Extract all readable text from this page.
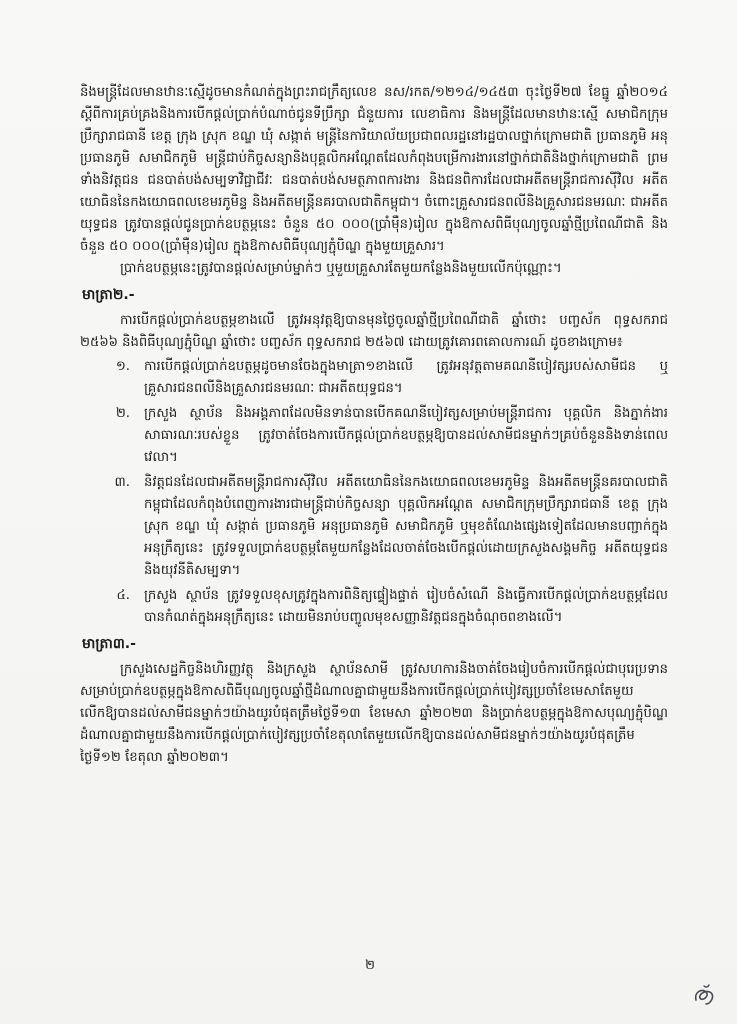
និងមន្ត្រីដែលមានឋានៈស្មើដូចមានកំណត់ក្នុងព្រះរាជក្រឹត្យលេខ នស/រកត/១២១៤/១៤៥៣ ចុះថ្ងៃទី២៧ ខែធ្នូ ឆ្នាំ២០១៤ ស្តីពីការគ្រប់គ្រងនិងការបើកផ្តល់ប្រាក់បំណាច់ជូនទីប្រឹក្សា ជំនួយការ លេខាធិការ និងមន្ត្រីដែលមានឋានៈស្មើ សមាជិកក្រុមប្រឹក្សារាជធានី ខេត្ត ក្រុង ស្រុក ខណ្ឌ ឃុំ សង្កាត់ មន្ត្រីនៃការិយាល័យប្រជាពលរដ្ឋនៅរដ្ឋបាលថ្នាក់ក្រោមជាតិ ប្រធានភូមិ អនុប្រធានភូមិ សមាជិកភូមិ មន្ត្រីជាប់កិច្ចសន្យានិងបុគ្គលិកអណ្តែតដែលកំពុងបម្រើការងារនៅថ្នាក់ជាតិនិងថ្នាក់ក្រោមជាតិ ព្រមទាំងនិវត្តជន ជនបាត់បង់សម្បទាវិជ្ជាជីវៈ ជនបាត់បង់សមត្ថភាពការងារ និងជនពិការដែលជាអតីតមន្ត្រីរាជការស៊ីវិល អតីតយោធិននៃកងយោធពលខេមរភូមិន្ទ និងអតីតមន្ត្រីនគរបាលជាតិកម្ពុជា។ ចំពោះគ្រួសារជនពលីនិងគ្រួសារជនមរណៈ ជាអតីតយុទ្ធជន ត្រូវបានផ្តល់ជូនប្រាក់ឧបត្ថម្ភនេះ ចំនួន ៥០ ០០០(ប្រាំម៉ឺន)រៀល ក្នុងឱកាសពិធីបុណ្យចូលឆ្នាំថ្មីប្រពៃណីជាតិ និងចំនួន ៥០ ០០០(ប្រាំម៉ឺន)រៀល ក្នុងឱកាសពិធីបុណ្យភ្ជុំបិណ្ឌ ក្នុងមួយគ្រួសារ។

ប្រាក់ឧបត្ថម្ភនេះត្រូវបានផ្តល់សម្រាប់ម្នាក់ៗ ឬមួយគ្រួសារតែមួយកន្លែងនិងមួយលើកប៉ុណ្ណោះ។

មាត្រា២.-

ការបើកផ្តល់ប្រាក់ឧបត្ថម្ភខាងលើ ត្រូវអនុវត្តឱ្យបានមុនថ្ងៃចូលឆ្នាំថ្មីប្រពៃណីជាតិ ឆ្នាំថោះ បញ្ចស័ក ពុទ្ធសករាជ ២៥៦៦ និងពិធីបុណ្យភ្ជុំបិណ្ឌ ឆ្នាំថោះ បញ្ចស័ក ពុទ្ធសករាជ ២៥៦៧ ដោយត្រូវគោរពគោលការណ៍ ដូចខាងក្រោម៖

១.	ការបើកផ្តល់ប្រាក់ឧបត្ថម្ភដូចមានចែងក្នុងមាត្រា១ខាងលើ ត្រូវអនុវត្តតាមគណនីបៀវត្សរបស់សាមីជន ឬគ្រួសារជនពលីនិងគ្រួសារជនមរណៈ ជាអតីតយុទ្ធជន។
២.	ក្រសួង ស្ថាប័ន និងអង្គភាពដែលមិនទាន់បានបើកគណនីបៀវត្សសម្រាប់មន្ត្រីរាជការ បុគ្គលិក និងភ្នាក់ងារសាធារណៈរបស់ខ្លួន ត្រូវចាត់ចែងការបើកផ្តល់ប្រាក់ឧបត្ថម្ភឱ្យបានដល់សាមីជនម្នាក់ៗគ្រប់ចំនួននិងទាន់ពេលវេលា។
៣.	និវត្តជនដែលជាអតីតមន្ត្រីរាជការស៊ីវិល អតីតយោធិននៃកងយោធពលខេមរភូមិន្ទ និងអតីតមន្ត្រីនគរបាលជាតិកម្ពុជាដែលកំពុងបំពេញការងារជាមន្ត្រីជាប់កិច្ចសន្យា បុគ្គលិកអណ្តែត សមាជិកក្រុមប្រឹក្សារាជធានី ខេត្ត ក្រុង ស្រុក ខណ្ឌ ឃុំ សង្កាត់ ប្រធានភូមិ អនុប្រធានភូមិ សមាជិកភូមិ ឬមុខតំណែងផ្សេងទៀតដែលមានបញ្ជាក់ក្នុងអនុក្រឹត្យនេះ ត្រូវទទួលប្រាក់ឧបត្ថម្ភតែមួយកន្លែងដែលចាត់ចែងបើកផ្តល់ដោយក្រសួងសង្គមកិច្ច អតីតយុទ្ធជន និងយុវនីតិសម្បទា។
៤.	ក្រសួង ស្ថាប័ន ត្រូវទទួលខុសត្រូវក្នុងការពិនិត្យផ្ទៀងផ្ទាត់ រៀបចំសំណើ និងធ្វើការបើកផ្តល់ប្រាក់ឧបត្ថម្ភដែលបានកំណត់ក្នុងអនុក្រឹត្យនេះ ដោយមិនរាប់បញ្ចូលមុខសញ្ញានិវត្តជនក្នុងចំណុចពខាងលើ។
មាត្រា៣.-

ក្រសួងសេដ្ឋកិច្ចនិងហិរញ្ញវត្ថុ និងក្រសួង ស្ថាប័នសាមី ត្រូវសហការនិងចាត់ចែងរៀបចំការបើកផ្តល់ជាបុរេប្រទានសម្រាប់ប្រាក់ឧបត្ថម្ភក្នុងឱកាសពិធីបុណ្យចូលឆ្នាំថ្មីដំណាលគ្នាជាមួយនឹងការបើកផ្តល់ប្រាក់បៀវត្សប្រចាំខែមេសាតែមួយលើកឱ្យបានដល់សាមីជនម្នាក់ៗយ៉ាងយូរបំផុតត្រឹមថ្ងៃទី១៣ ខែមេសា ឆ្នាំ២០២៣ និងប្រាក់ឧបត្ថម្ភក្នុងឱកាសបុណ្យភ្ជុំបិណ្ឌដំណាលគ្នាជាមួយនឹងការបើកផ្តល់ប្រាក់បៀវត្សប្រចាំខែតុលាតែមួយលើកឱ្យបានដល់សាមីជនម្នាក់ៗយ៉ាងយូរបំផុតត្រឹមថ្ងៃទី១២ ខែតុលា ឆ្នាំ២០២៣។

២
